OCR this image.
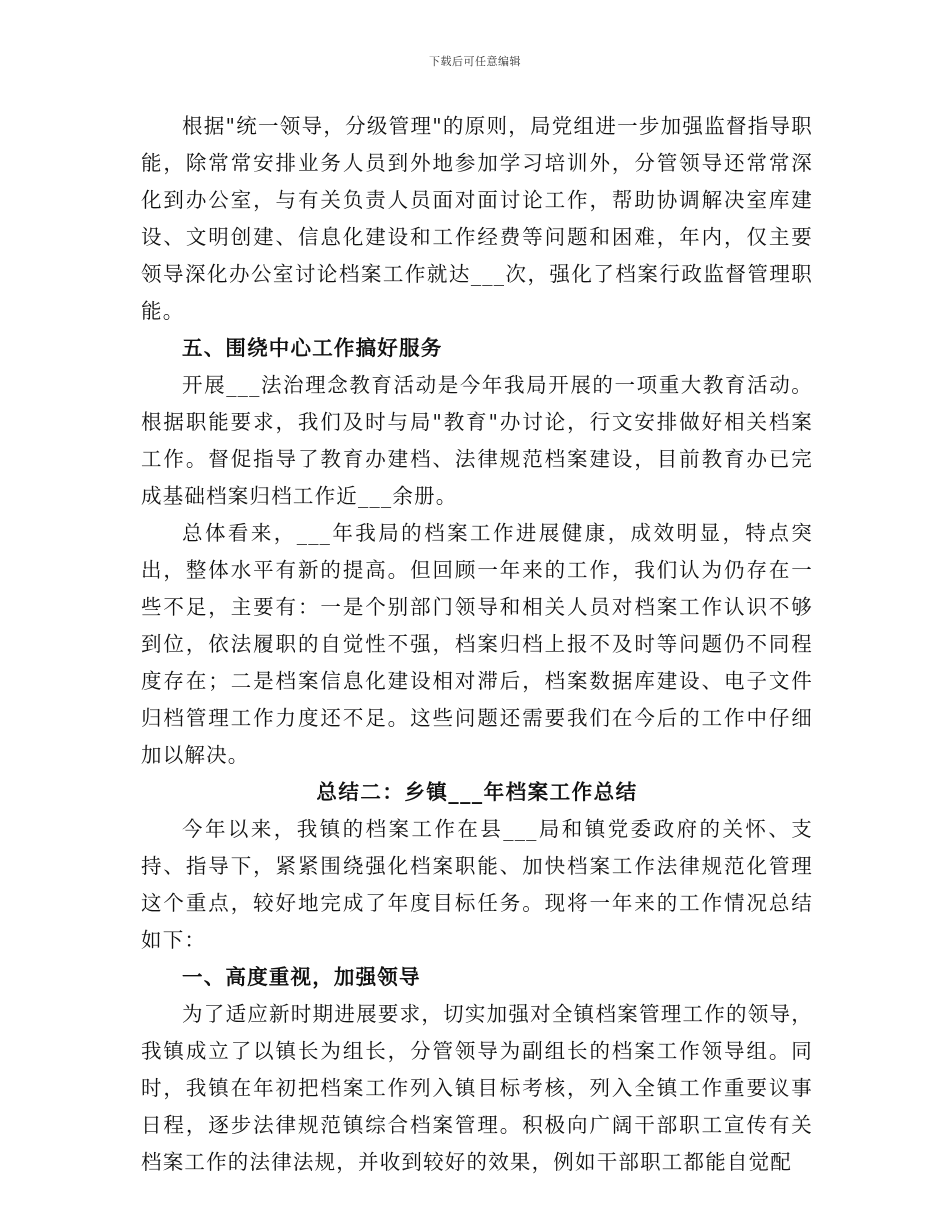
下载后可任意编辑

根据"统一领导，分级管理"的原则，局党组进一步加强监督指导职能，除常常安排业务人员到外地参加学习培训外，分管领导还常常深化到办公室，与有关负责人员面对面讨论工作，帮助协调解决室库建设、文明创建、信息化建设和工作经费等问题和困难，年内，仅主要领导深化办公室讨论档案工作就达___次，强化了档案行政监督管理职能。

五、围绕中心工作搞好服务

开展___法治理念教育活动是今年我局开展的一项重大教育活动。根据职能要求，我们及时与局"教育"办讨论，行文安排做好相关档案工作。督促指导了教育办建档、法律规范档案建设，目前教育办已完成基础档案归档工作近___余册。

总体看来，___年我局的档案工作进展健康，成效明显，特点突出，整体水平有新的提高。但回顾一年来的工作，我们认为仍存在一些不足，主要有：一是个别部门领导和相关人员对档案工作认识不够到位，依法履职的自觉性不强，档案归档上报不及时等问题仍不同程度存在；二是档案信息化建设相对滞后，档案数据库建设、电子文件归档管理工作力度还不足。这些问题还需要我们在今后的工作中仔细加以解决。

总结二：乡镇___年档案工作总结

今年以来，我镇的档案工作在县___局和镇党委政府的关怀、支持、指导下，紧紧围绕强化档案职能、加快档案工作法律规范化管理这个重点，较好地完成了年度目标任务。现将一年来的工作情况总结如下：

一、高度重视，加强领导

为了适应新时期进展要求，切实加强对全镇档案管理工作的领导，我镇成立了以镇长为组长，分管领导为副组长的档案工作领导组。同时，我镇在年初把档案工作列入镇目标考核，列入全镇工作重要议事日程，逐步法律规范镇综合档案管理。积极向广阔干部职工宣传有关档案工作的法律法规，并收到较好的效果，例如干部职工都能自觉配
